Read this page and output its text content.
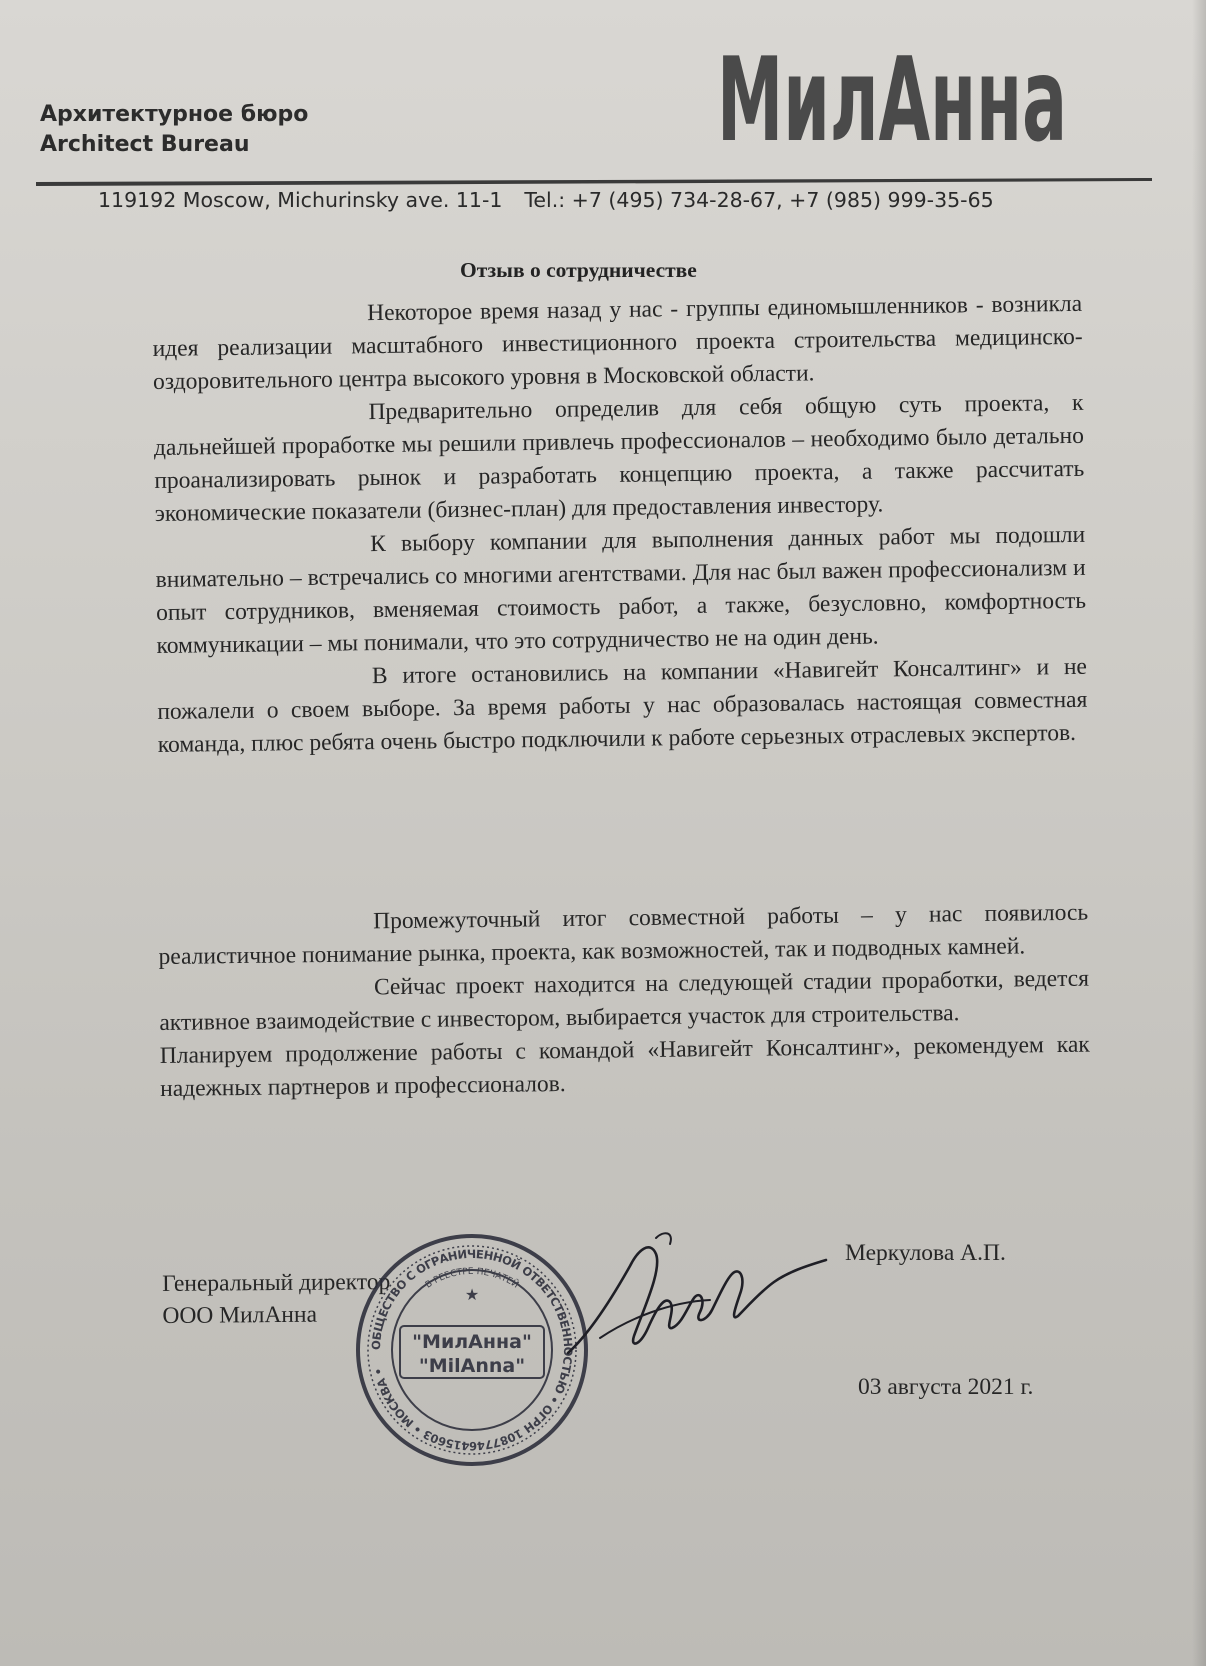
Архитектурное бюро
Architect Bureau	МилАнна
119192 Moscow, Michurinsky ave. 11-1 Tel.: +7 (495) 734-28-67, +7 (985) 999-35-65
Отзыв о сотрудничестве

Некоторое время назад у нас - группы единомышленников - возникла идея реализации масштабного инвестиционного проекта строительства медицинско-оздоровительного центра высокого уровня в Московской области.

Предварительно определив для себя общую суть проекта, к дальнейшей проработке мы решили привлечь профессионалов – необходимо было детально проанализировать рынок и разработать концепцию проекта, а также рассчитать экономические показатели (бизнес-план) для предоставления инвестору.

К выбору компании для выполнения данных работ мы подошли внимательно – встречались со многими агентствами. Для нас был важен профессионализм и опыт сотрудников, вменяемая стоимость работ, а также, безусловно, комфортность коммуникации – мы понимали, что это сотрудничество не на один день.

В итоге остановились на компании «Навигейт Консалтинг» и не пожалели о своем выборе. За время работы у нас образовалась настоящая совместная команда, плюс ребята очень быстро подключили к работе серьезных отраслевых экспертов.

Промежуточный итог совместной работы – у нас появилось реалистичное понимание рынка, проекта, как возможностей, так и подводных камней.

Сейчас проект находится на следующей стадии проработки, ведется активное взаимодействие с инвестором, выбирается участок для строительства.

Планируем продолжение работы с командой «Навигейт Консалтинг», рекомендуем как надежных партнеров и профессионалов.

Генеральный директор
ООО МилАнна
Меркулова А.П.
03 августа 2021 г.
ОБЩЕСТВО С ОГРАНИЧЕННОЙ ОТВЕТСТВЕННОСТЬЮ • ОГРН 1087746415603 • МОСКВА •
В РЕЕСТРЕ ПЕЧАТЕЙ
"МилАнна"
"MilAnna"
★
